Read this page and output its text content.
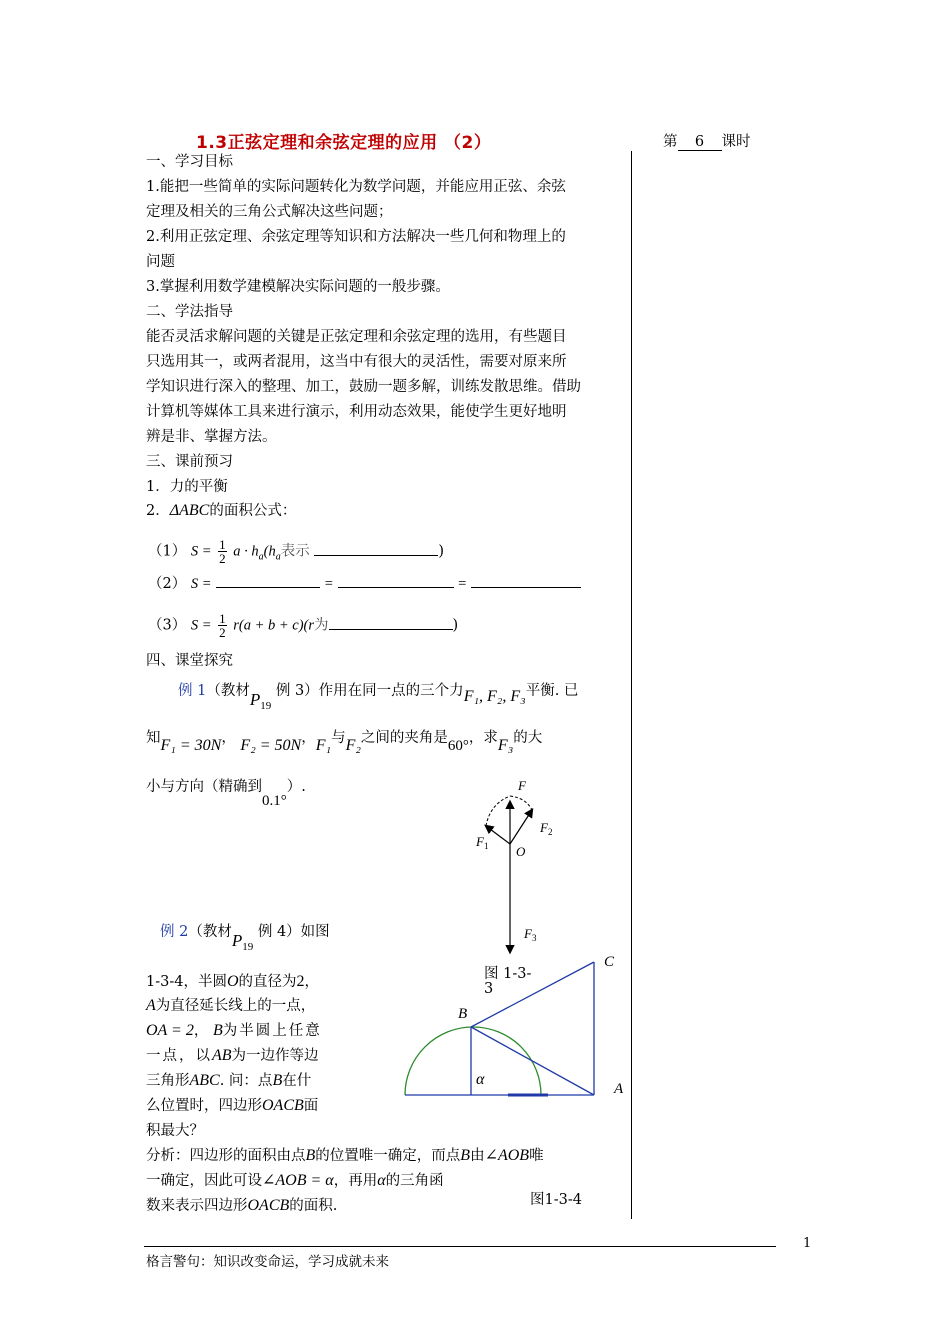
1.3正弦定理和余弦定理的应用 （2）	第 6 课时
一、学习目标
1.能把一些简单的实际问题转化为数学问题，并能应用正弦、余弦
定理及相关的三角公式解决这些问题；
2.利用正弦定理、余弦定理等知识和方法解决一些几何和物理上的
问题
3.掌握利用数学建模解决实际问题的一般步骤。
二、学法指导
能否灵活求解问题的关键是正弦定理和余弦定理的选用，有些题目
只选用其一，或两者混用，这当中有很大的灵活性，需要对原来所
学知识进行深入的整理、加工，鼓励一题多解，训练发散思维。借助
计算机等媒体工具来进行演示，利用动态效果，能使学生更好地明
辨是非、掌握方法。
三、课前预习
1．力的平衡
2．ΔABC的面积公式：
（1） $S = \frac{1}{2}$ $a \cdot h_a(h_a$表示	)
（2） S =	=	=
（3） $S = \frac{1}{2} r(a + b + c)(r$为	)
四、课堂探究
例 1（教材$P_{19}$ 例 3）作用在同一点的三个力F₁, F₂, F₃平衡. 已
知F₁ = 30N， F₂ = 50N，F₁与F₂之间的夹角是60°，求F₃的大
小与方向（精确到0.1°）.	F
$F_2$
$F_1$ O
$F_3$
图 1-3-
3
例 2（教材$P_{19}$ 例 4）如图
1-3-4，半圆O的直径为2，
A为直径延长线上的一点，
OA = 2， B为半圆上任意
一点，以AB为一边作等边
三角形ABC. 问：点B在什
么位置时，四边形OACB面
积最大？
分析：四边形的面积由点B的位置唯一确定，而点B由∠AOB唯
一确定，因此可设∠AOB = α，再用α的三角函
数来表示四边形OACB的面积.
B
C
A
α
图1-3-4
1
格言警句：知识改变命运，学习成就未来
